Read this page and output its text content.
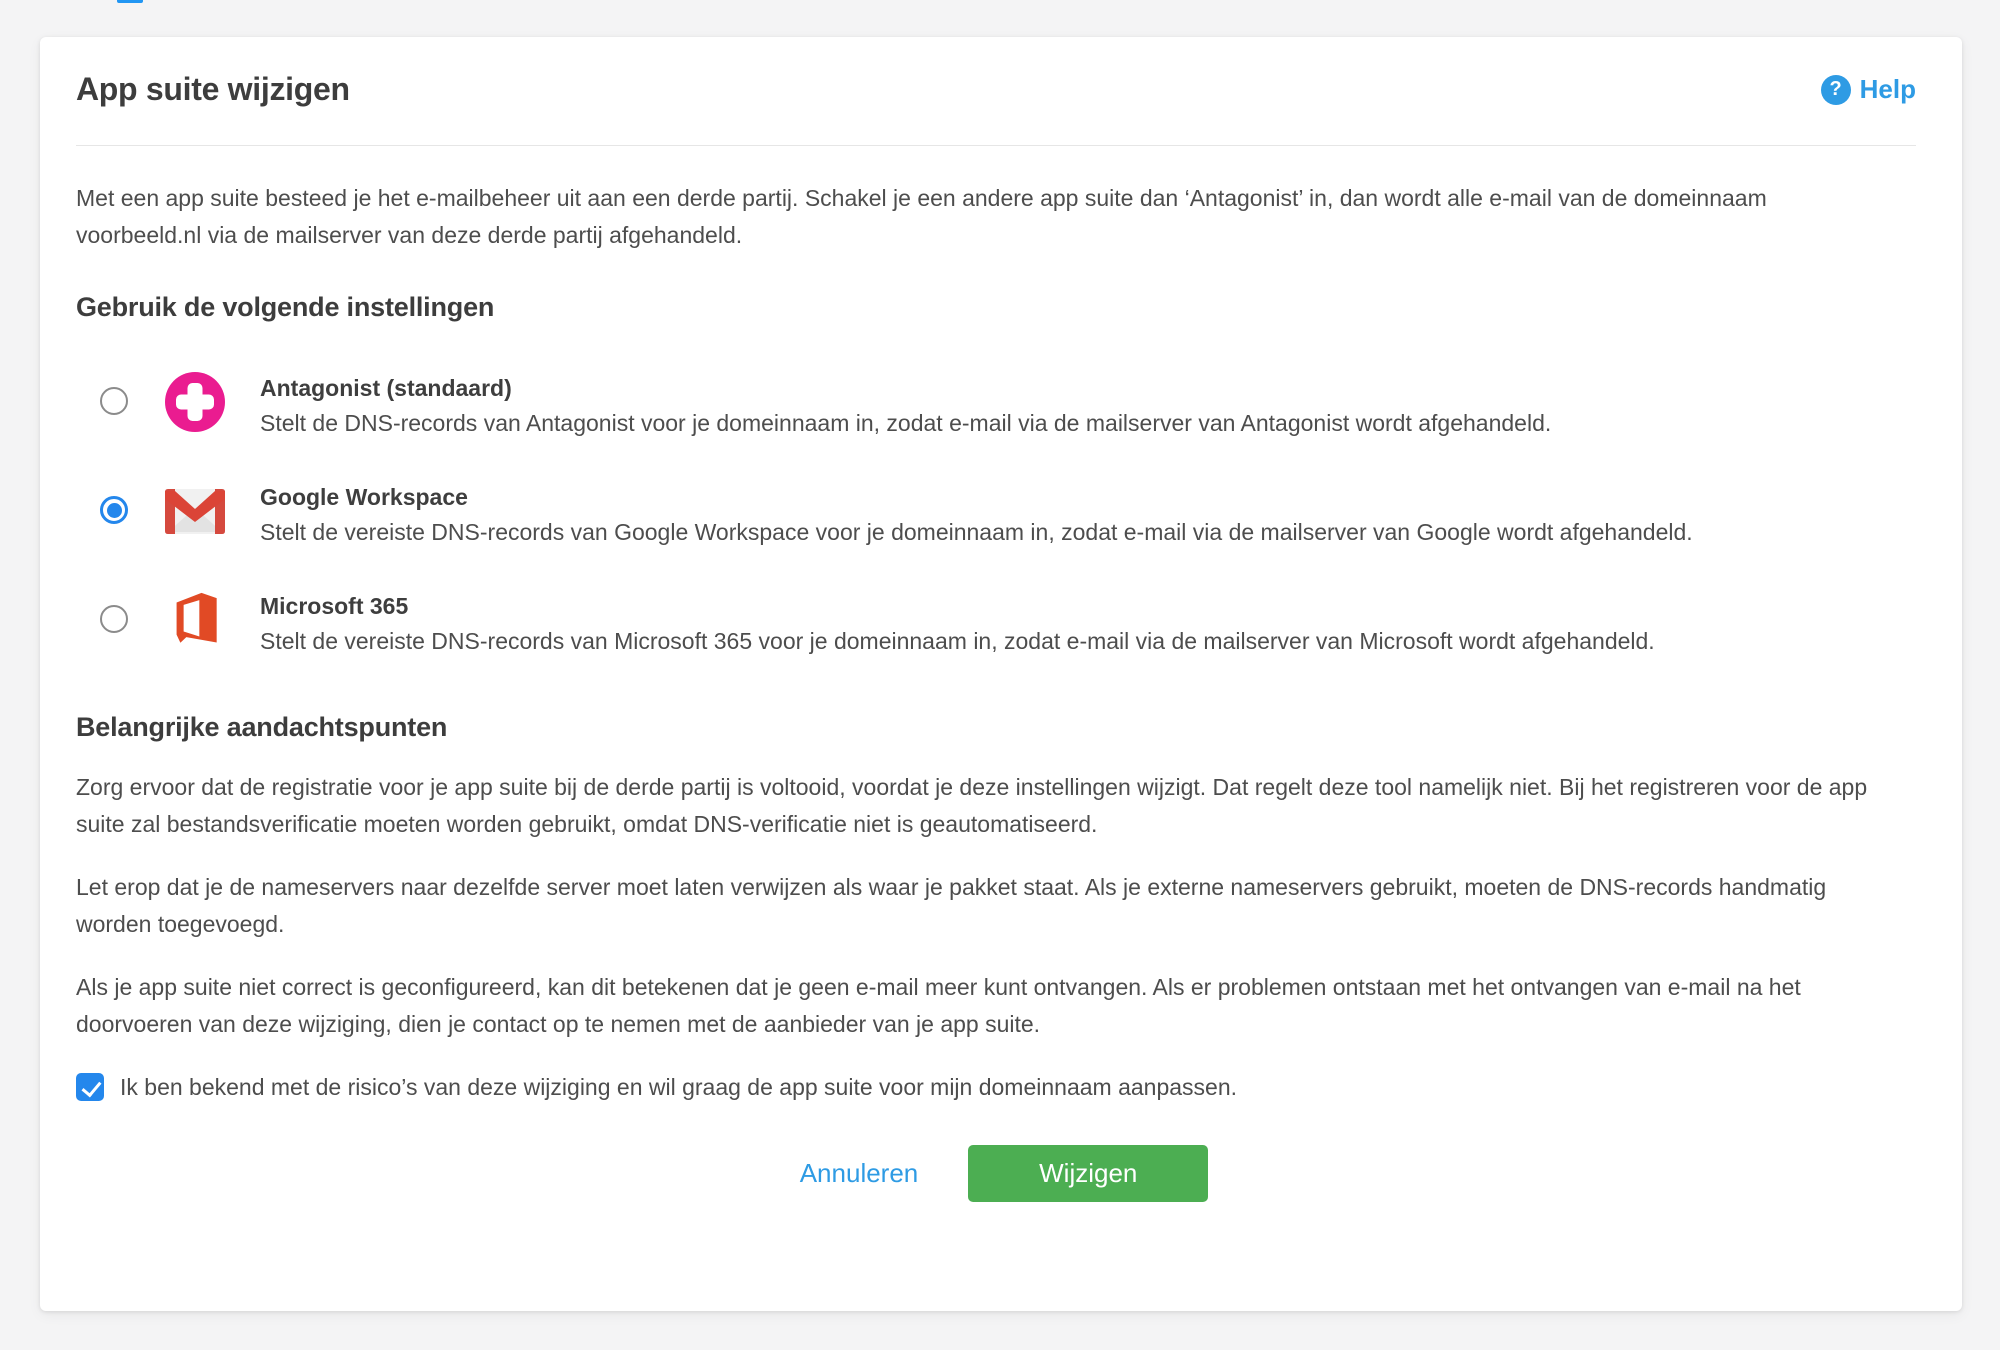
App suite wijzigen	? Help

Met een app suite besteed je het e-mailbeheer uit aan een derde partij. Schakel je een andere app suite dan ‘Antagonist’ in, dan wordt alle e-mail van de domeinnaam voorbeeld.nl via de mailserver van deze derde partij afgehandeld.

Gebruik de volgende instellingen
Antagonist (standaard)
Stelt de DNS-records van Antagonist voor je domeinnaam in, zodat e-mail via de mailserver van Antagonist wordt afgehandeld.
Google Workspace
Stelt de vereiste DNS-records van Google Workspace voor je domeinnaam in, zodat e-mail via de mailserver van Google wordt afgehandeld.
Microsoft 365
Stelt de vereiste DNS-records van Microsoft 365 voor je domeinnaam in, zodat e-mail via de mailserver van Microsoft wordt afgehandeld.
Belangrijke aandachtspunten

Zorg ervoor dat de registratie voor je app suite bij de derde partij is voltooid, voordat je deze instellingen wijzigt. Dat regelt deze tool namelijk niet. Bij het registreren voor de app suite zal bestandsverificatie moeten worden gebruikt, omdat DNS-verificatie niet is geautomatiseerd.

Let erop dat je de nameservers naar dezelfde server moet laten verwijzen als waar je pakket staat. Als je externe nameservers gebruikt, moeten de DNS-records handmatig worden toegevoegd.

Als je app suite niet correct is geconfigureerd, kan dit betekenen dat je geen e-mail meer kunt ontvangen. Als er problemen ontstaan met het ontvangen van e-mail na het doorvoeren van deze wijziging, dien je contact op te nemen met de aanbieder van je app suite.

Ik ben bekend met de risico’s van deze wijziging en wil graag de app suite voor mijn domeinnaam aanpassen.
Annuleren	Wijzigen
